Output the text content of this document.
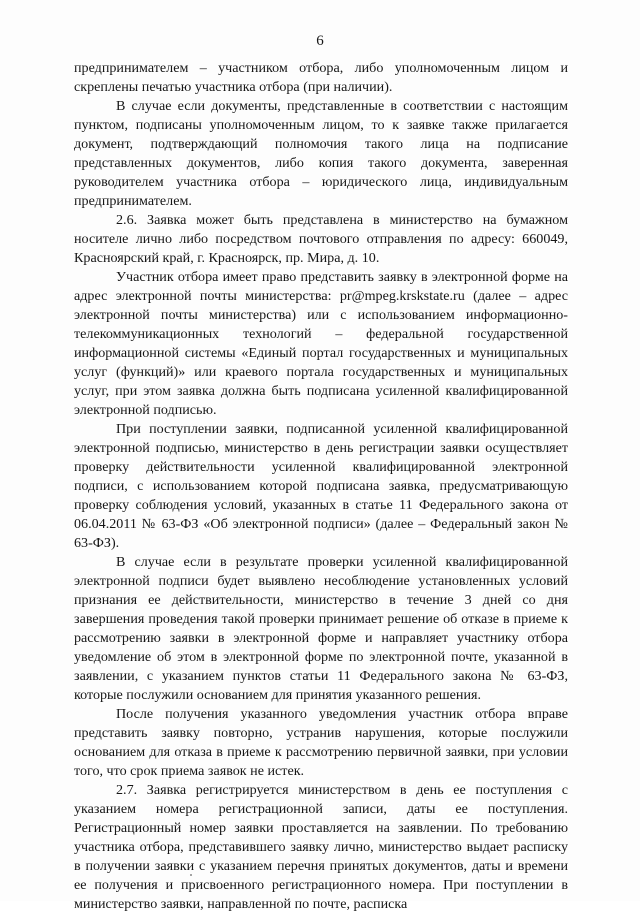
6

предпринимателем – участником отбора, либо уполномоченным лицом и скреплены печатью участника отбора (при наличии).

В случае если документы, представленные в соответствии с настоящим пунктом, подписаны уполномоченным лицом, то к заявке также прилагается документ, подтверждающий полномочия такого лица на подписание представленных документов, либо копия такого документа, заверенная руководителем участника отбора – юридического лица, индивидуальным предпринимателем.

2.6. Заявка может быть представлена в министерство на бумажном носителе лично либо посредством почтового отправления по адресу: 660049, Красноярский край, г. Красноярск, пр. Мира, д. 10.

Участник отбора имеет право представить заявку в электронной форме на адрес электронной почты министерства: pr@mpeg.krskstate.ru (далее – адрес электронной почты министерства) или с использованием информационно-телекоммуникационных технологий – федеральной государственной информационной системы «Единый портал государственных и муниципальных услуг (функций)» или краевого портала государственных и муниципальных услуг, при этом заявка должна быть подписана усиленной квалифицированной электронной подписью.

При поступлении заявки, подписанной усиленной квалифицированной электронной подписью, министерство в день регистрации заявки осуществляет проверку действительности усиленной квалифицированной электронной подписи, с использованием которой подписана заявка, предусматривающую проверку соблюдения условий, указанных в статье 11 Федерального закона от 06.04.2011 № 63-ФЗ «Об электронной подписи» (далее – Федеральный закон № 63-ФЗ).

В случае если в результате проверки усиленной квалифицированной электронной подписи будет выявлено несоблюдение установленных условий признания ее действительности, министерство в течение 3 дней со дня завершения проведения такой проверки принимает решение об отказе в приеме к рассмотрению заявки в электронной форме и направляет участнику отбора уведомление об этом в электронной форме по электронной почте, указанной в заявлении, с указанием пунктов статьи 11 Федерального закона № 63-ФЗ, которые послужили основанием для принятия указанного решения.

После получения указанного уведомления участник отбора вправе представить заявку повторно, устранив нарушения, которые послужили основанием для отказа в приеме к рассмотрению первичной заявки, при условии того, что срок приема заявок не истек.

2.7. Заявка регистрируется министерством в день ее поступления с указанием номера регистрационной записи, даты ее поступления. Регистрационный номер заявки проставляется на заявлении. По требованию участника отбора, представившего заявку лично, министерство выдает расписку в получении заявки с указанием перечня принятых документов, даты и времени ее получения и присвоенного регистрационного номера. При поступлении в министерство заявки, направленной по почте, расписка
